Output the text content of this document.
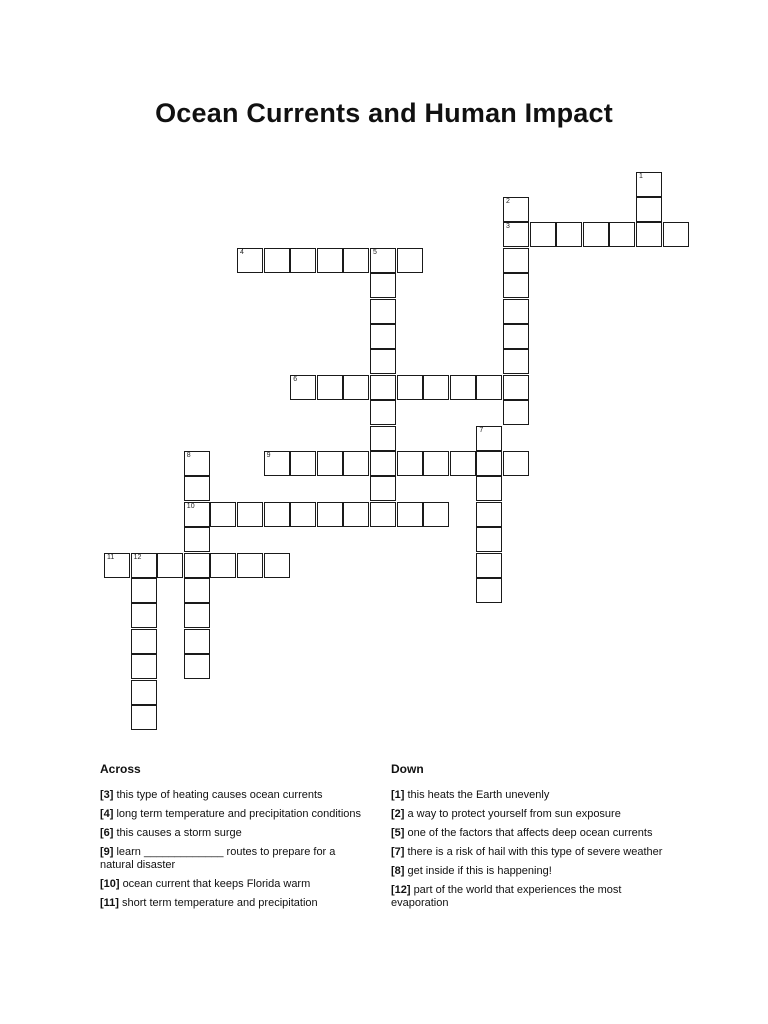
Ocean Currents and Human Impact
1
2
3
4	5
6
7
8
10
9
11	12
Across
[3] this type of heating causes ocean currents
[4] long term temperature and precipitation conditions
[6] this causes a storm surge
[9] learn _____________ routes to prepare for a natural disaster
[10] ocean current that keeps Florida warm
[11] short term temperature and precipitation
Down
[1] this heats the Earth unevenly
[2] a way to protect yourself from sun exposure
[5] one of the factors that affects deep ocean currents
[7] there is a risk of hail with this type of severe weather
[8] get inside if this is happening!
[12] part of the world that experiences the most evaporation
